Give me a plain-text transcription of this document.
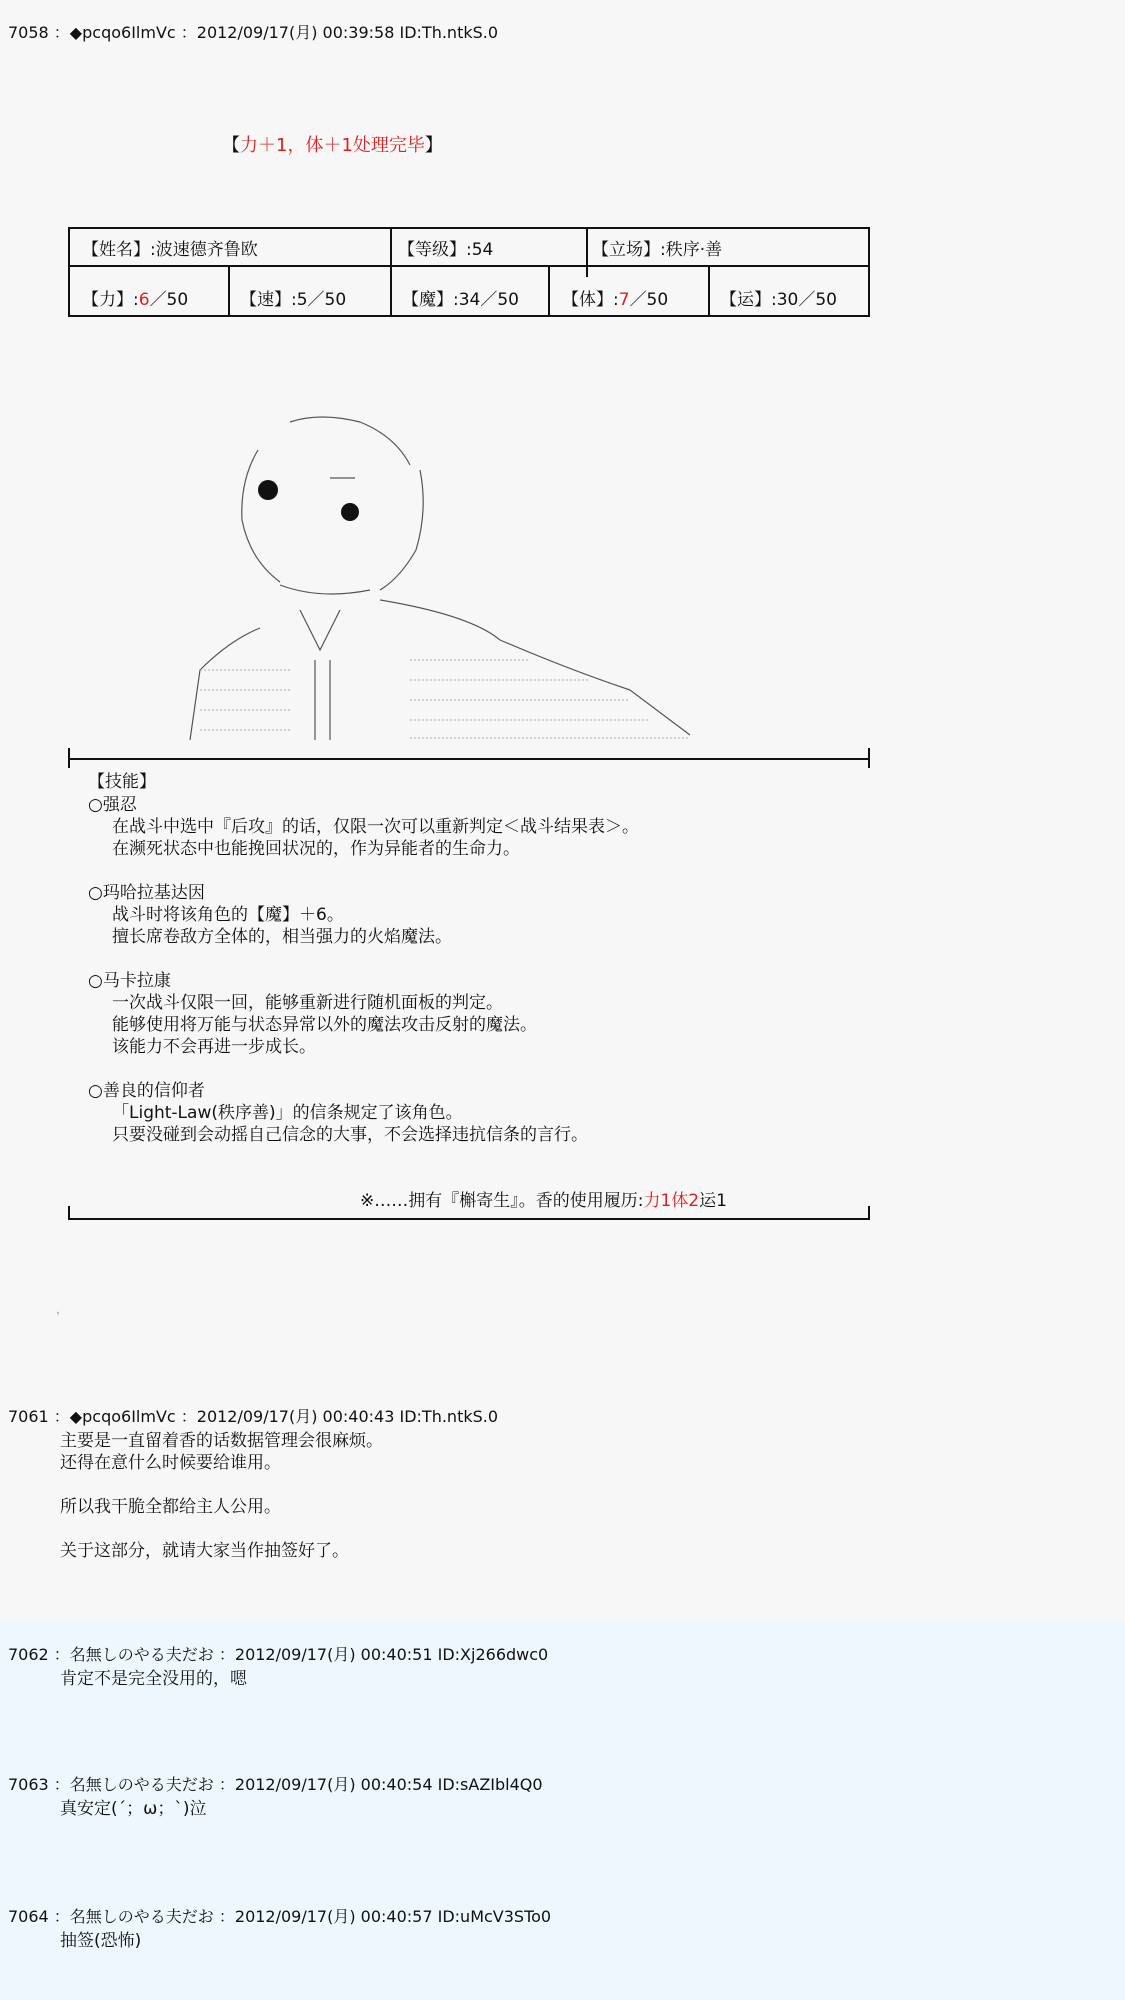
7058 ：◆pcqo6IlmVc ：2012/09/17(月) 00:39:58 ID:Th.ntkS.0
【力＋1，体＋1处理完毕】
【姓名】:波速德齐鲁欧	【等级】:54	【立场】:秩序·善
【力】:6／50	【速】:5／50	【魔】:34／50	【体】:7／50	【运】:30／50
【技能】
○强忍
在战斗中选中『后攻』的话，仅限一次可以重新判定＜战斗结果表＞。
在濒死状态中也能挽回状况的，作为异能者的生命力。
○玛哈拉基达因
战斗时将该角色的【魔】＋6。
擅长席卷敌方全体的，相当强力的火焰魔法。
○马卡拉康
一次战斗仅限一回，能够重新进行随机面板的判定。
能够使用将万能与状态异常以外的魔法攻击反射的魔法。
该能力不会再进一步成长。
○善良的信仰者
「Light-Law(秩序善)」的信条规定了该角色。
只要没碰到会动摇自己信念的大事，不会选择违抗信条的言行。
※……拥有『槲寄生』。香的使用履历:力1体2运1
，
7061 ：◆pcqo6IlmVc ：2012/09/17(月) 00:40:43 ID:Th.ntkS.0
主要是一直留着香的话数据管理会很麻烦。
还得在意什么时候要给谁用。
所以我干脆全都给主人公用。
关于这部分，就请大家当作抽签好了。
7062 ：名無しのやる夫だお ：2012/09/17(月) 00:40:51 ID:Xj266dwc0
肯定不是完全没用的，嗯
7063 ：名無しのやる夫だお ：2012/09/17(月) 00:40:54 ID:sAZIbl4Q0
真安定(´；ω；`)泣
7064 ：名無しのやる夫だお ：2012/09/17(月) 00:40:57 ID:uMcV3STo0
抽签(恐怖)
